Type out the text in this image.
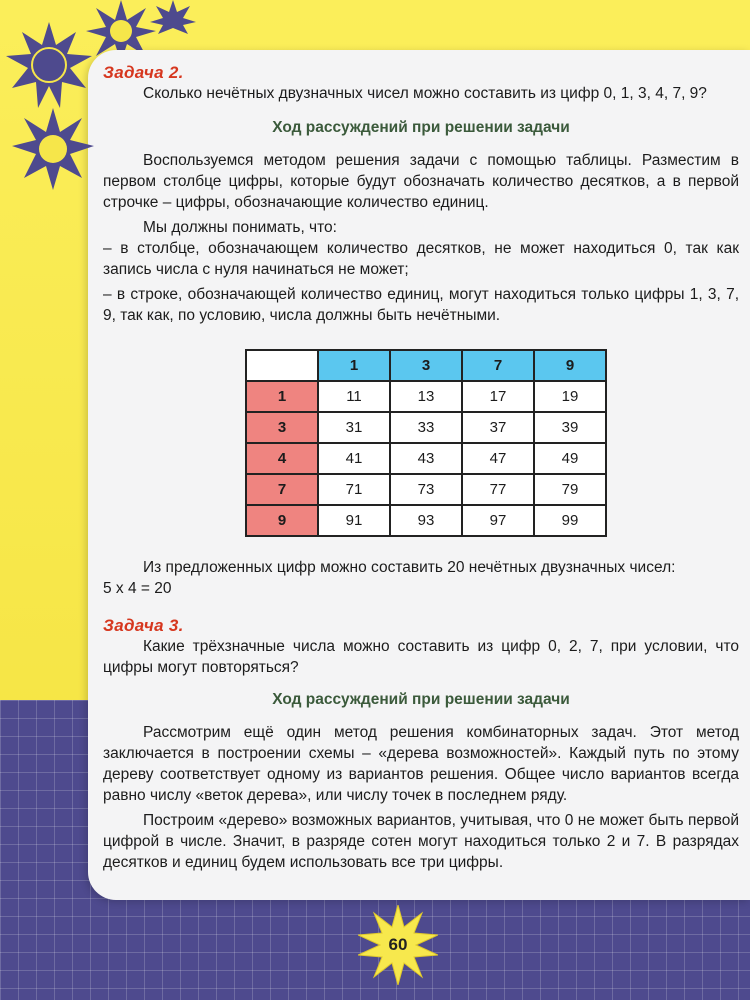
Задача 2.
Сколько нечётных двузначных чисел можно составить из цифр 0, 1, 3, 4, 7, 9?
Ход рассуждений при решении задачи

Воспользуемся методом решения задачи с помощью таблицы. Разместим в первом столбце цифры, которые будут обозначать количество десятков, а в первой строчке – цифры, обозначающие количество единиц.

Мы должны понимать, что:

– в столбце, обозначающем количество десятков, не может находиться 0, так как запись числа с нуля начинаться не может;

– в строке, обозначающей количество единиц, могут находиться только цифры 1, 3, 7, 9, так как, по условию, числа должны быть нечётными.

	1	3	7	9
1	11	13	17	19
3	31	33	37	39
4	41	43	47	49
7	71	73	77	79
9	91	93	97	99

Из предложенных цифр можно составить 20 нечётных двузначных чисел:

5 x 4 = 20

Задача 3.

Какие трёхзначные числа можно составить из цифр 0, 2, 7, при условии, что цифры могут повторяться?

Ход рассуждений при решении задачи

Рассмотрим ещё один метод решения комбинаторных задач. Этот метод заключается в построении схемы – «дерева возможностей». Каждый путь по этому дереву соответствует одному из вариантов решения. Общее число вариантов всегда равно числу «веток дерева», или числу точек в последнем ряду.

Построим «дерево» возможных вариантов, учитывая, что 0 не может быть первой цифрой в числе. Значит, в разряде сотен могут находиться только 2 и 7. В разрядах десятков и единиц будем использовать все три цифры.

60
